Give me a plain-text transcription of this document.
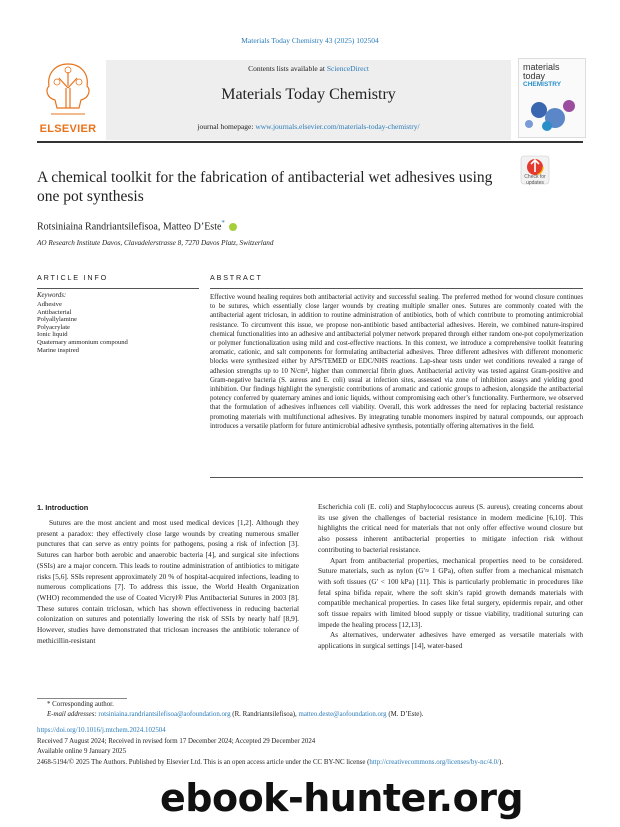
Materials Today Chemistry 43 (2025) 102504
Contents lists available at ScienceDirect
Materials Today Chemistry
journal homepage: www.journals.elsevier.com/materials-today-chemistry/
ELSEVIER
materials
today
CHEMISTRY
A chemical toolkit for the fabrication of antibacterial wet adhesives using one pot synthesis
Check for updates
Rotsiniaina Randriantsilefisoa, Matteo D’Este*
AO Research Institute Davos, Clavadelerstrasse 8, 7270 Davos Platz, Switzerland
ARTICLE INFO	ABSTRACT
Keywords:
Adhesive
Antibacterial
Polyallylamine
Polyacrylate
Ionic liquid
Quaternary ammonium compound
Marine inspired
Effective wound healing requires both antibacterial activity and successful sealing. The preferred method for wound closure continues to be sutures, which essentially close larger wounds by creating multiple smaller ones. Sutures are commonly coated with the antibacterial agent triclosan, in addition to routine administration of antibiotics, both of which contribute to promoting antimicrobial resistance. To circumvent this issue, we propose non-antibiotic based antibacterial adhesives. Herein, we combined nature-inspired chemical functionalities into an adhesive and antibacterial polymer network prepared through either random one-pot copolymerization or polymer functionalization using mild and cost-effective reactions. In this context, we introduce a comprehensive toolkit featuring aromatic, cationic, and salt components for formulating antibacterial adhesives. Three different adhesives with different monomeric blocks were synthesized either by APS/TEMED or EDC/NHS reactions. Lap-shear tests under wet conditions revealed a range of adhesion strengths up to 10 N/cm², higher than commercial fibrin glues. Antibacterial activity was tested against Gram-positive and Gram-negative bacteria (S. aureus and E. coli) usual at infection sites, assessed via zone of inhibition assays and yielding good inhibition. Our findings highlight the synergistic contributions of aromatic and cationic groups to adhesion, alongside the antibacterial potency conferred by quaternary amines and ionic liquids, without compromising each other’s functionality. Furthermore, we observed that the formulation of adhesives influences cell viability. Overall, this work addresses the need for replacing bacterial resistance promoting materials with multifunctional adhesives. By integrating tunable monomers inspired by natural compounds, our approach introduces a versatile platform for future antimicrobial adhesive synthesis, potentially offering alternatives in the field.
1. Introduction

Sutures are the most ancient and most used medical devices [1,2]. Although they present a paradox: they effectively close large wounds by creating numerous smaller punctures that can serve as entry points for pathogens, posing a risk of infection [3]. Sutures can harbor both aerobic and anaerobic bacteria [4], and surgical site infections (SSIs) are a major concern. This leads to routine administration of antibiotics to mitigate risks [5,6]. SSIs represent approximately 20 % of hospital-acquired infections, leading to numerous complications [7]. To address this issue, the World Health Organization (WHO) recommended the use of Coated Vicryl® Plus Antibacterial Sutures in 2003 [8]. These sutures contain triclosan, which has shown effectiveness in reducing bacterial colonization on sutures and potentially lowering the risk of SSIs by nearly half [8,9]. However, studies have demonstrated that triclosan increases the antibiotic tolerance of methicillin-resistant

Escherichia coli (E. coli) and Staphylococcus aureus (S. aureus), creating concerns about its use given the challenges of bacterial resistance in modern medicine [6,10]. This highlights the critical need for materials that not only offer effective wound closure but also possess inherent antibacterial properties to mitigate infection risk without contributing to bacterial resistance.

Apart from antibacterial properties, mechanical properties need to be considered. Suture materials, such as nylon (G′≈ 1 GPa), often suffer from a mechanical mismatch with soft tissues (G′ < 100 kPa) [11]. This is particularly problematic in procedures like fetal spina bifida repair, where the soft skin’s rapid growth demands materials with compatible mechanical properties. In cases like fetal surgery, epidermis repair, and other soft tissue repairs with limited blood supply or tissue viability, traditional suturing can impede the healing process [12,13].

As alternatives, underwater adhesives have emerged as versatile materials with applications in surgical settings [14], water-based

* Corresponding author.
E-mail addresses: rotsiniaina.randriantsilefisoa@aofoundation.org (R. Randriantsilefisoa), matteo.deste@aofoundation.org (M. D’Este).
https://doi.org/10.1016/j.mtchem.2024.102504
Received 7 August 2024; Received in revised form 17 December 2024; Accepted 29 December 2024
Available online 9 January 2025
2468-5194/© 2025 The Authors. Published by Elsevier Ltd. This is an open access article under the CC BY-NC license (http://creativecommons.org/licenses/by-nc/4.0/).
ebook-hunter.org
